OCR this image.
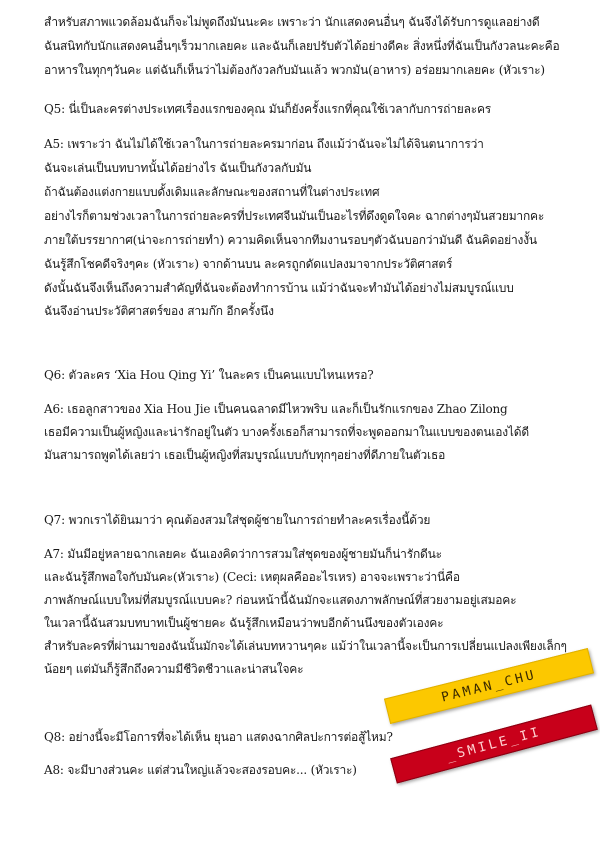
สำหรับสภาพแวดล้อมฉันก็จะไม่พูดถึงมันนะคะ เพราะว่า นักแสดงคนอื่นๆ ฉันจึงได้รับการดูแลอย่างดี
ฉันสนิทกับนักแสดงคนอื่นๆเร็วมากเลยคะ และฉันก็เลยปรับตัวได้อย่างดีคะ สิ่งหนึ่งที่ฉันเป็นกังวลนะคะคือ
อาหารในทุกๆวันคะ แต่ฉันก็เห็นว่าไม่ต้องกังวลกับมันแล้ว พวกมัน(อาหาร) อร่อยมากเลยคะ (หัวเราะ)
Q5: นี่เป็นละครต่างประเทศเรื่องแรกของคุณ มันก็ยังครั้งแรกที่คุณใช้เวลากับการถ่ายละคร
A5: เพราะว่า ฉันไม่ได้ใช้เวลาในการถ่ายละครมาก่อน ถึงแม้ว่าฉันจะไม่ได้จินตนาการว่า
ฉันจะเล่นเป็นบทบาทนั้นได้อย่างไร ฉันเป็นกังวลกับมัน
ถ้าฉันต้องแต่งกายแบบดั้งเดิมและลักษณะของสถานที่ในต่างประเทศ
อย่างไรก็ตามช่วงเวลาในการถ่ายละครที่ประเทศจีนมันเป็นอะไรที่ดึงดูดใจคะ ฉากต่างๆมันสวยมากคะ
ภายใต้บรรยากาศ(น่าจะการถ่ายทำ) ความคิดเห็นจากทีมงานรอบๆตัวฉันบอกว่ามันดี ฉันคิดอย่างงั้น
ฉันรู้สึกโชคดีจริงๆคะ (หัวเราะ) จากด้านบน ละครถูกดัดแปลงมาจากประวัติศาสตร์
ดังนั้นฉันจึงเห็นถึงความสำคัญที่ฉันจะต้องทำการบ้าน แม้ว่าฉันจะทำมันได้อย่างไม่สมบูรณ์แบบ
ฉันจึงอ่านประวัติศาสตร์ของ สามก๊ก อีกครั้งนึง
Q6: ตัวละคร ‘Xia Hou Qing Yi’ ในละคร เป็นคนแบบไหนเหรอ?
A6: เธอลูกสาวของ Xia Hou Jie เป็นคนฉลาดมีไหวพริบ และก็เป็นรักแรกของ Zhao Zilong
เธอมีความเป็นผู้หญิงและน่ารักอยู่ในตัว บางครั้งเธอก็สามารถที่จะพูดออกมาในแบบของตนเองได้ดี
มันสามารถพูดได้เลยว่า เธอเป็นผู้หญิงที่สมบูรณ์แบบกับทุกๆอย่างที่ดีภายในตัวเธอ
Q7: พวกเราได้ยินมาว่า คุณต้องสวมใส่ชุดผู้ชายในการถ่ายทำละครเรื่องนี้ด้วย
A7: มันมีอยู่หลายฉากเลยคะ ฉันเองคิดว่าการสวมใส่ชุดของผู้ชายมันก็น่ารักดีนะ
และฉันรู้สึกพอใจกับมันคะ(หัวเราะ) (Ceci: เหตุผลคืออะไรเหร) อาจจะเพราะว่านี่คือ
ภาพลักษณ์แบบใหม่ที่สมบูรณ์แบบคะ? ก่อนหน้านี้ฉันมักจะแสดงภาพลักษณ์ที่สวยงามอยู่เสมอคะ
ในเวลานี้ฉันสวมบทบาทเป็นผู้ชายคะ ฉันรู้สึกเหมือนว่าพบอีกด้านนึงของตัวเองคะ
สำหรับละครที่ผ่านมาของฉันนั้นมักจะได้เล่นบทหวานๆคะ แม้ว่าในเวลานี้จะเป็นการเปลี่ยนแปลงเพียงเล็กๆ
น้อยๆ แต่มันก็รู้สึกถึงความมีชีวิตชีวาและน่าสนใจคะ
Q8: อย่างนี้จะมีโอการที่จะได้เห็น ยุนอา แสดงฉากศิลปะการต่อสู้ไหม?
A8: จะมีบางส่วนคะ แต่ส่วนใหญ่แล้วจะสองรอบคะ... (หัวเราะ)
PAMAN_CHU
_SMILE_II
